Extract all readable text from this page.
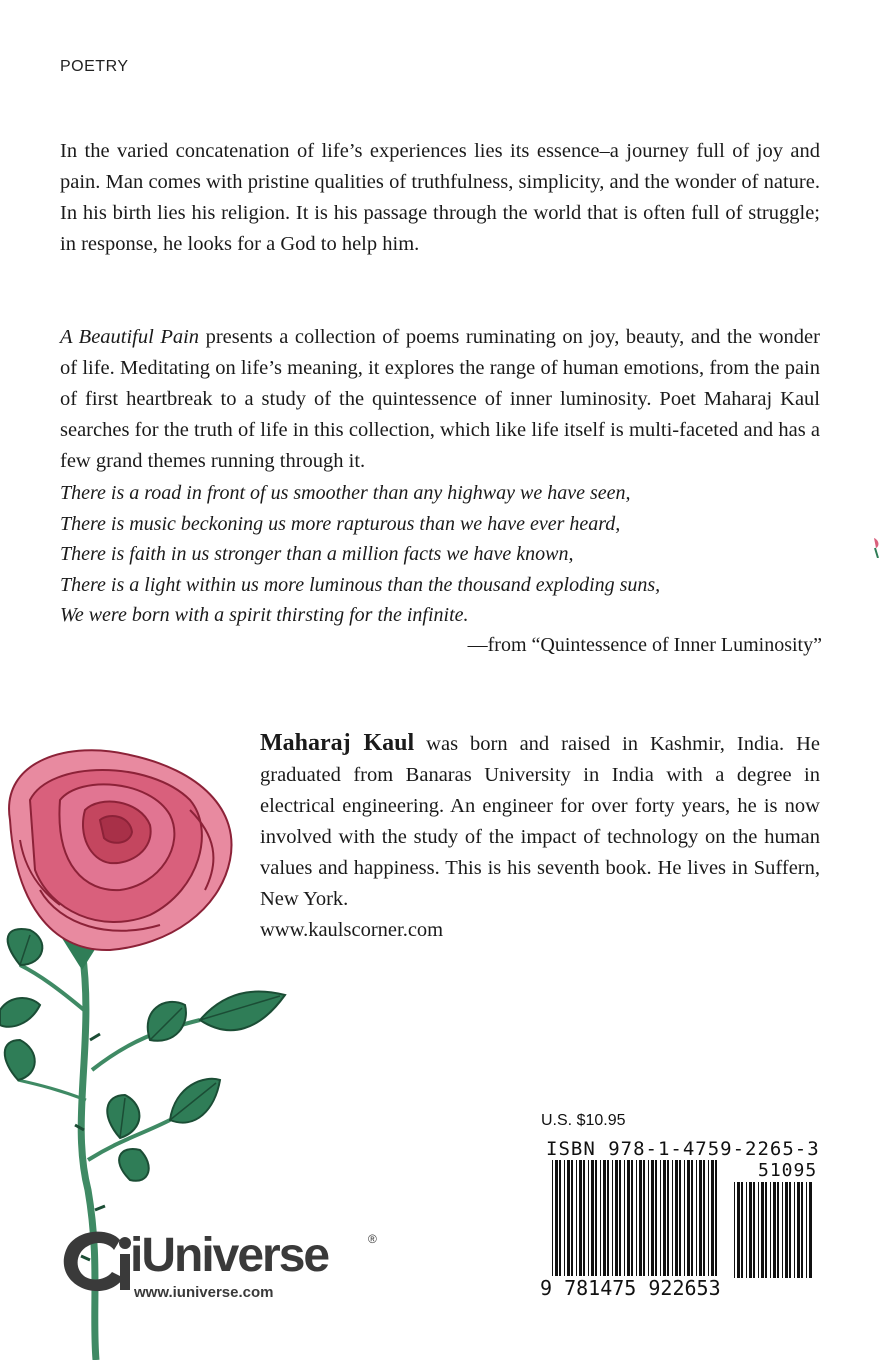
POETRY

In the varied concatenation of life’s experiences lies its essence–a journey full of joy and pain. Man comes with pristine qualities of truthfulness, simplicity, and the wonder of nature. In his birth lies his religion. It is his passage through the world that is often full of struggle; in response, he looks for a God to help him.

A Beautiful Pain presents a collection of poems ruminating on joy, beauty, and the wonder of life. Meditating on life’s meaning, it explores the range of human emotions, from the pain of first heartbreak to a study of the quintessence of inner luminosity. Poet Maharaj Kaul searches for the truth of life in this collection, which like life itself is multi-faceted and has a few grand themes running through it.

There is a road in front of us smoother than any highway we have seen,
There is music beckoning us more rapturous than we have ever heard,
There is faith in us stronger than a million facts we have known,
There is a light within us more luminous than the thousand exploding suns,
We were born with a spirit thirsting for the infinite.
—from “Quintessence of Inner Luminosity”

Maharaj Kaul was born and raised in Kashmir, India. He graduated from Banaras University in India with a degree in electrical engineering. An engineer for over forty years, he is now involved with the study of the impact of technology on the human values and happiness. This is his seventh book. He lives in Suffern, New York.
www.kaulscorner.com

iUniverse	®
www.iuniverse.com
U.S. $10.95
ISBN 978-1-4759-2265-3
51095
9 781475 922653
